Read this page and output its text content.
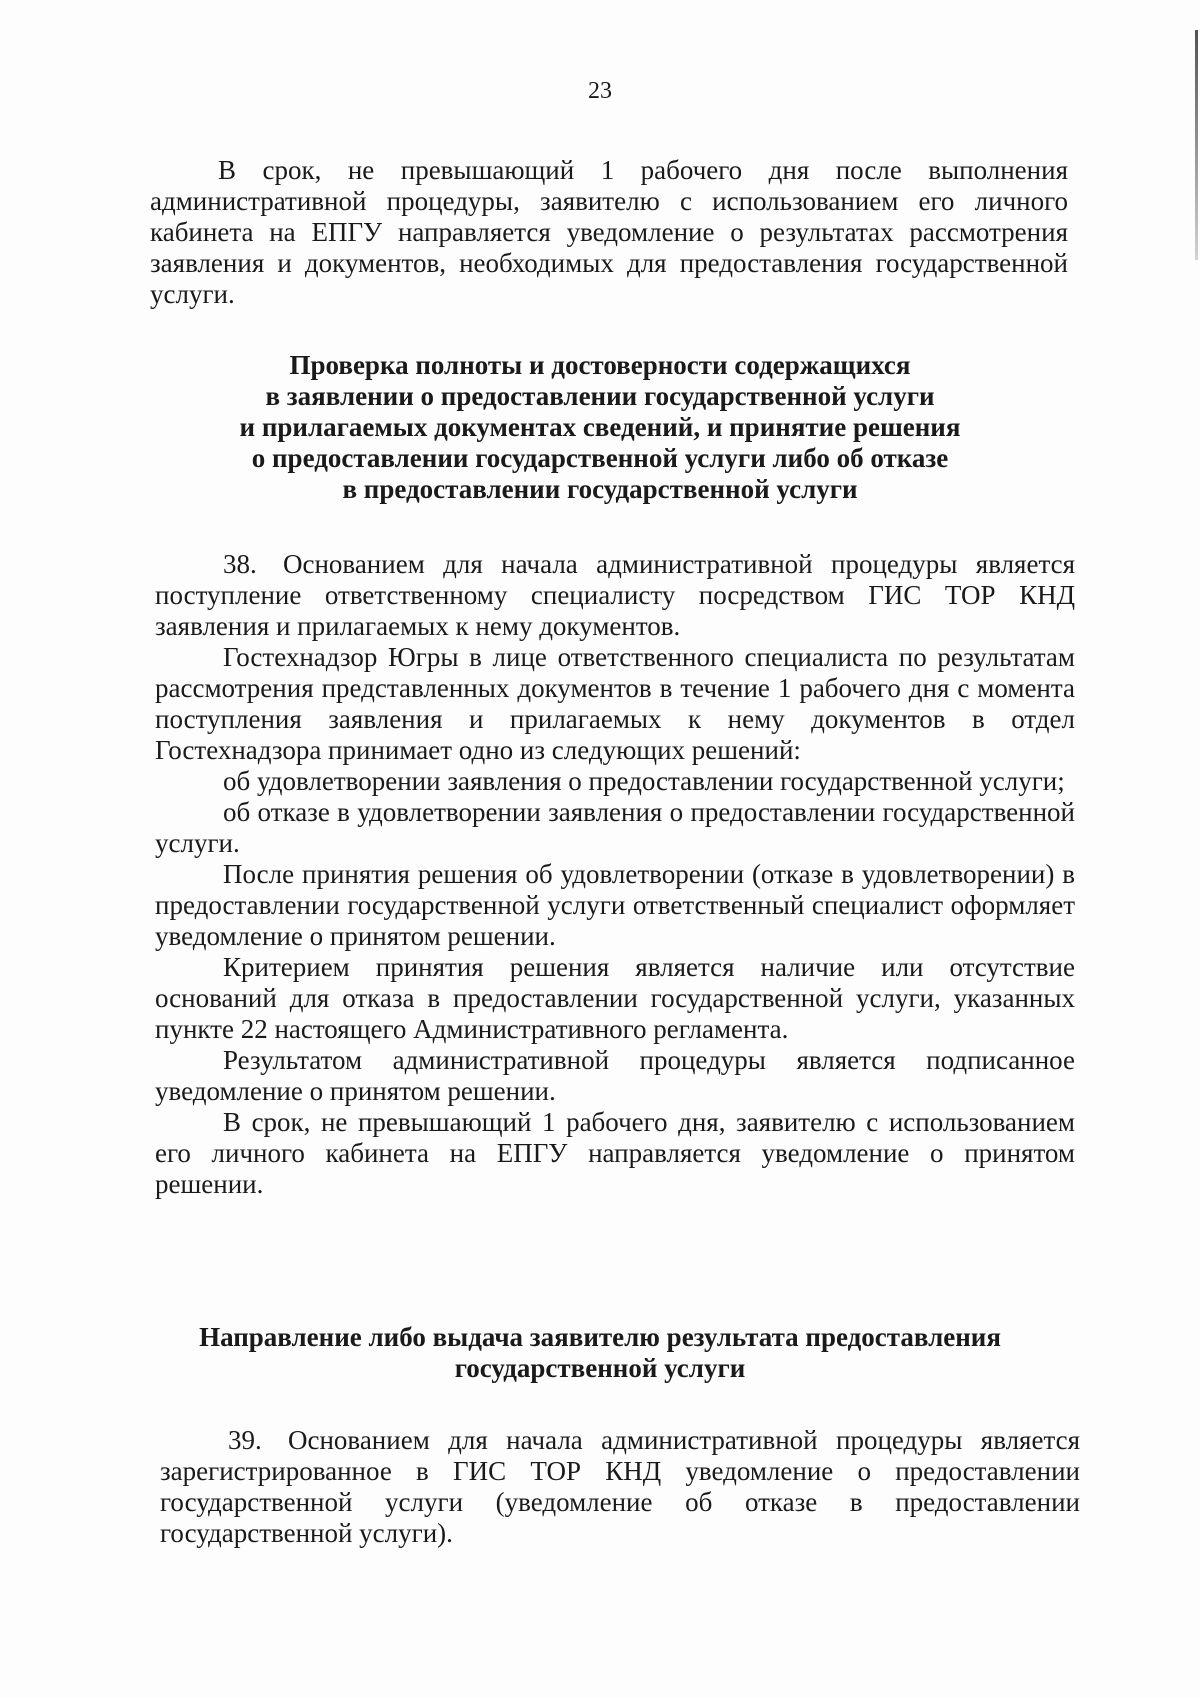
23

В срок, не превышающий 1 рабочего дня после выполнения административной процедуры, заявителю с использованием его личного кабинета на ЕПГУ направляется уведомление о результатах рассмотрения заявления и документов, необходимых для предоставления государственной услуги.

Проверка полноты и достоверности содержащихся
в заявлении о предоставлении государственной услуги
и прилагаемых документах сведений, и принятие решения
о предоставлении государственной услуги либо об отказе
в предоставлении государственной услуги

38. Основанием для начала административной процедуры является поступление ответственному специалисту посредством ГИС ТОР КНД заявления и прилагаемых к нему документов.

Гостехнадзор Югры в лице ответственного специалиста по результатам рассмотрения представленных документов в течение 1 рабочего дня с момента поступления заявления и прилагаемых к нему документов в отдел Гостехнадзора принимает одно из следующих решений:

об удовлетворении заявления о предоставлении государственной услуги;

об отказе в удовлетворении заявления о предоставлении государственной услуги.

После принятия решения об удовлетворении (отказе в удовлетворении) в предоставлении государственной услуги ответственный специалист оформляет уведомление о принятом решении.

Критерием принятия решения является наличие или отсутствие оснований для отказа в предоставлении государственной услуги, указанных пункте 22 настоящего Административного регламента.

Результатом административной процедуры является подписанное уведомление о принятом решении.

В срок, не превышающий 1 рабочего дня, заявителю с использованием его личного кабинета на ЕПГУ направляется уведомление о принятом решении.

Направление либо выдача заявителю результата предоставления
государственной услуги

39. Основанием для начала административной процедуры является зарегистрированное в ГИС ТОР КНД уведомление о предоставлении государственной услуги (уведомление об отказе в предоставлении государственной услуги).
